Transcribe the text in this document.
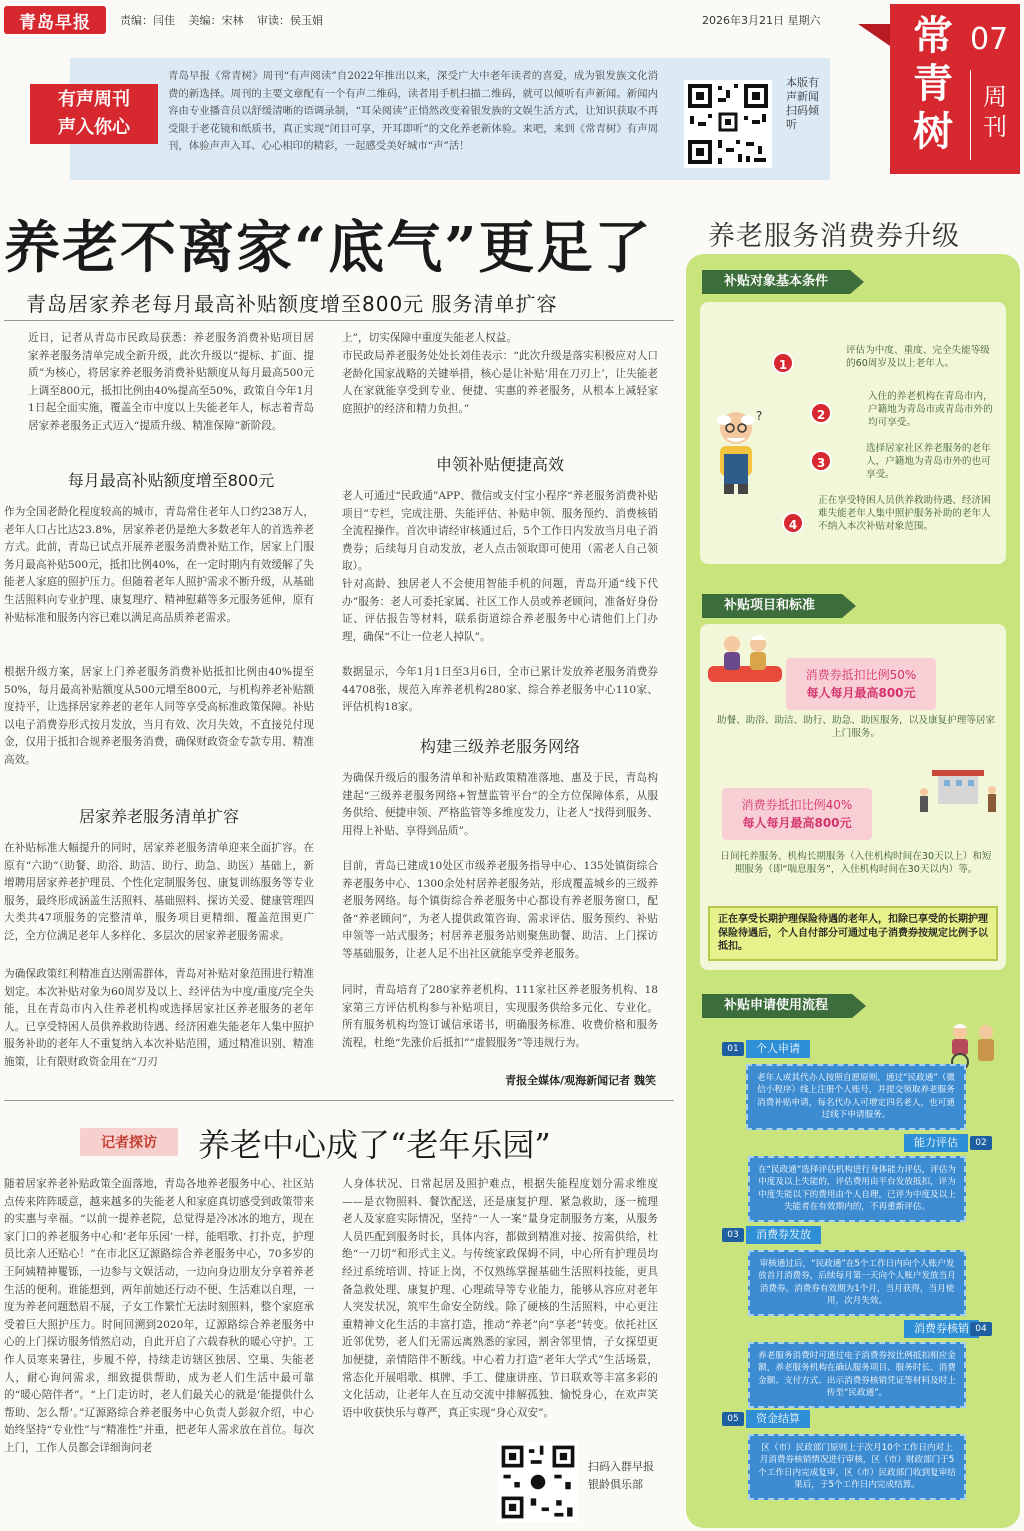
青岛早报	责编：闫佳 美编：宋林 审读：侯玉娟	2026年3月21日 星期六 常青树
07
周刊
有声周刊
声入你心
青岛早报《常青树》周刊“有声阅读”自2022年推出以来，深受广大中老年读者的喜爱，成为银发族文化消费的新选择。周刊的主要文章配有一个有声二维码，读者用手机扫描二维码，就可以倾听有声新闻。新闻内容由专业播音员以舒缓清晰的语调录制，“耳朵阅读”正悄然改变着银发族的文娱生活方式，让知识获取不再受限于老花镜和纸质书，真正实现“闭目可享，开耳即听”的文化养老新体验。来吧，来到《常青树》有声周刊，体验声声入耳、心心相印的精彩，一起感受美好城市“声”活！
本版有声新闻扫码倾听
养老不离家“底气”更足了
青岛居家养老每月最高补贴额度增至800元 服务清单扩容
近日，记者从青岛市民政局获悉：养老服务消费补贴项目居家养老服务清单完成全新升级，此次升级以“提标、扩面、提质”为核心，将居家养老服务消费补贴额度从每月最高500元上调至800元，抵扣比例由40%提高至50%，政策自今年1月1日起全面实施，覆盖全市中度以上失能老年人，标志着青岛居家养老服务正式迈入“提质升级、精准保障”新阶段。
每月最高补贴额度增至800元
作为全国老龄化程度较高的城市，青岛常住老年人口约238万人，老年人口占比达23.8%，居家养老仍是绝大多数老年人的首选养老方式。此前，青岛已试点开展养老服务消费补贴工作，居家上门服务月最高补贴500元，抵扣比例40%，在一定时期内有效缓解了失能老人家庭的照护压力。但随着老年人照护需求不断升级，从基础生活照料向专业护理、康复理疗、精神慰藉等多元服务延伸，原有补贴标准和服务内容已难以满足高品质养老需求。
根据升级方案，居家上门养老服务消费补贴抵扣比例由40%提至50%，每月最高补贴额度从500元增至800元，与机构养老补贴额度持平，让选择居家养老的老年人同等享受高标准政策保障。补贴以电子消费券形式按月发放，当月有效、次月失效，不直接兑付现金，仅用于抵扣合规养老服务消费，确保财政资金专款专用、精准高效。
居家养老服务清单扩容
在补贴标准大幅提升的同时，居家养老服务清单迎来全面扩容。在原有“六助”（助餐、助浴、助洁、助行、助急、助医）基础上，新增聘用居家养老护理员、个性化定制服务包、康复训练服务等专业服务，最终形成涵盖生活照料、基础照料、探访关爱、健康管理四大类共47项服务的完整清单，服务项目更精细、覆盖范围更广泛，全方位满足老年人多样化、多层次的居家养老服务需求。
为确保政策红利精准直达刚需群体，青岛对补贴对象范围进行精准划定。本次补贴对象为60周岁及以上、经评估为中度/重度/完全失能，且在青岛市内入住养老机构或选择居家社区养老服务的老年人。已享受特困人员供养救助待遇、经济困难失能老年人集中照护服务补助的老年人不重复纳入本次补贴范围，通过精准识别、精准施策，让有限财政资金用在“刀刃
上”，切实保障中重度失能老人权益。
市民政局养老服务处处长刘佳表示：“此次升级是落实积极应对人口老龄化国家战略的关键举措，核心是让补贴‘用在刀刃上’，让失能老人在家就能享受到专业、便捷、实惠的养老服务，从根本上减轻家庭照护的经济和精力负担。”
申领补贴便捷高效
老人可通过“民政通”APP、微信或支付宝小程序“养老服务消费补贴项目”专栏，完成注册、失能评估、补贴申领、服务预约、消费核销全流程操作。首次申请经审核通过后，5个工作日内发放当月电子消费券；后续每月自动发放，老人点击领取即可使用（需老人自己领取）。
针对高龄、独居老人不会使用智能手机的问题，青岛开通“线下代办”服务：老人可委托家属、社区工作人员或养老顾问，准备好身份证、评估报告等材料，联系街道综合养老服务中心请他们上门办理，确保“不让一位老人掉队”。
数据显示，今年1月1日至3月6日，全市已累计发放养老服务消费券44708张，规范入库养老机构280家、综合养老服务中心110家、评估机构18家。
构建三级养老服务网络
为确保升级后的服务清单和补贴政策精准落地、惠及于民，青岛构建起“三级养老服务网络+智慧监管平台”的全方位保障体系，从服务供给、便捷申领、严格监管等多维度发力，让老人“找得到服务、用得上补贴、享得到品质”。
目前，青岛已建成10处区市级养老服务指导中心、135处镇街综合养老服务中心、1300余处村居养老服务站，形成覆盖城乡的三级养老服务网络。每个镇街综合养老服务中心都设有养老服务窗口，配备“养老顾问”，为老人提供政策咨询、需求评估、服务预约、补贴申领等一站式服务；村居养老服务站则聚焦助餐、助洁、上门探访等基础服务，让老人足不出社区就能享受养老服务。
同时，青岛培育了280家养老机构、111家社区养老服务机构、18家第三方评估机构参与补贴项目，实现服务供给多元化、专业化。所有服务机构均签订诚信承诺书，明确服务标准、收费价格和服务流程，杜绝“先涨价后抵扣”“虚假服务”等违规行为。
青报全媒体/观海新闻记者 魏笑
记者探访	养老中心成了“老年乐园”
随着居家养老补贴政策全面落地，青岛各地养老服务中心、社区站点传来阵阵暖意，越来越多的失能老人和家庭真切感受到政策带来的实惠与幸福。“以前一提养老院，总觉得是冷冰冰的地方，现在家门口的养老服务中心和‘老年乐园’一样，能唱歌、打扑克，护理员比亲人还贴心！”在市北区辽源路综合养老服务中心，70多岁的王阿姨精神矍铄，一边参与文娱活动，一边向身边朋友分享着养老生活的便利。谁能想到，两年前她还行动不便、生活难以自理，一度为养老问题愁眉不展，子女工作繁忙无法时刻照料，整个家庭承受着巨大照护压力。时间回溯到2020年，辽源路综合养老服务中心的上门探访服务悄然启动，自此开启了六载春秋的暖心守护。工作人员寒来暑往，步履不停，持续走访辖区独居、空巢、失能老人，耐心询问需求，细致提供帮助，成为老人们生活中最可靠的“暖心陪伴者”。“上门走访时，老人们最关心的就是‘能提供什么帮助、怎么帮’。”辽源路综合养老服务中心负责人彭叙介绍，中心始终坚持“专业性”与“精准性”并重，把老年人需求放在首位。每次上门，工作人员都会详细询问老
人身体状况、日常起居及照护难点，根据失能程度划分需求维度——是衣物照料、餐饮配送，还是康复护理、紧急救助，逐一梳理老人及家庭实际情况，坚持“一人一案”量身定制服务方案，从服务人员匹配到服务时长，具体内容，都做到精准对接、按需供给，杜绝“一刀切”和形式主义。与传统家政保姆不同，中心所有护理员均经过系统培训、持证上岗，不仅熟练掌握基础生活照料技能，更具备急救处理、康复护理、心理疏导等专业能力，能够从容应对老年人突发状况，筑牢生命安全防线。除了硬核的生活照料，中心更注重精神文化生活的丰富打造，推动“养老”向“享老”转变。依托社区近邻优势，老人们无需远离熟悉的家园，割舍邻里情，子女探望更加便捷，亲情陪伴不断线。中心着力打造“老年大学式”生活场景，常态化开展唱歌、棋牌、手工、健康讲座、节日联欢等丰富多彩的文化活动，让老年人在互动交流中排解孤独、愉悦身心，在欢声笑语中收获快乐与尊严，真正实现“身心双安”。
扫码入群早报银龄俱乐部
养老服务消费券升级
补贴对象基本条件
?
1
评估为中度、重度、完全失能等级的60周岁及以上老年人。
2
入住的养老机构在青岛市内，户籍地为青岛市或青岛市外的均可享受。
3
选择居家社区养老服务的老年人，户籍地为青岛市外的也可享受。
4
正在享受特困人员供养救助待遇、经济困难失能老年人集中照护服务补助的老年人不纳入本次补贴对象范围。
补贴项目和标准
消费券抵扣比例50%
每人每月最高800元
助餐、助浴、助洁、助行、助急、助医服务，以及康复护理等居家上门服务。
消费券抵扣比例40%
每人每月最高800元
日间托养服务、机构长期服务（入住机构时间在30天以上）和短期服务（即“喘息服务”，入住机构时间在30天以内）等。
正在享受长期护理保险待遇的老年人，扣除已享受的长期护理保险待遇后，个人自付部分可通过电子消费券按规定比例予以抵扣。
补贴申请使用流程
01	个人申请
老年人或其代办人按照自愿原则，通过“民政通”（微信小程序）线上注册个人账号，并提交领取养老服务消费补贴申请，每名代办人可增定四名老人，也可通过线下申请服务。
能力评估	02
在“民政通”选择评估机构进行身体能力评估，评估为中度及以上失能的，评估费用由平台发放抵扣，评为中度失能以下的费用由个人自理，已评为中度及以上失能者在有效期内的，不再重新评估。
03	消费券发放
审核通过后，“民政通”在5个工作日内向个人账户发放首月消费券，后续每月第一天向个人账户发放当月消费券。消费券有效期为1个月，当月获得，当月使用，次月失效。
消费券核销 04
养老服务消费时可通过电子消费券按比例抵扣相应金额，养老服务机构在确认服务项目、服务时长、消费金额、支付方式、出示消费券核销凭证等材料及时上传至“民政通”。
05	资金结算
区（市）民政部门原则上于次月10个工作日内对上月消费券核销情况进行审核，区（市）财政部门于5个工作日内完成复审，区（市）民政部门收到复审结果后，于5个工作日内完成结算。
